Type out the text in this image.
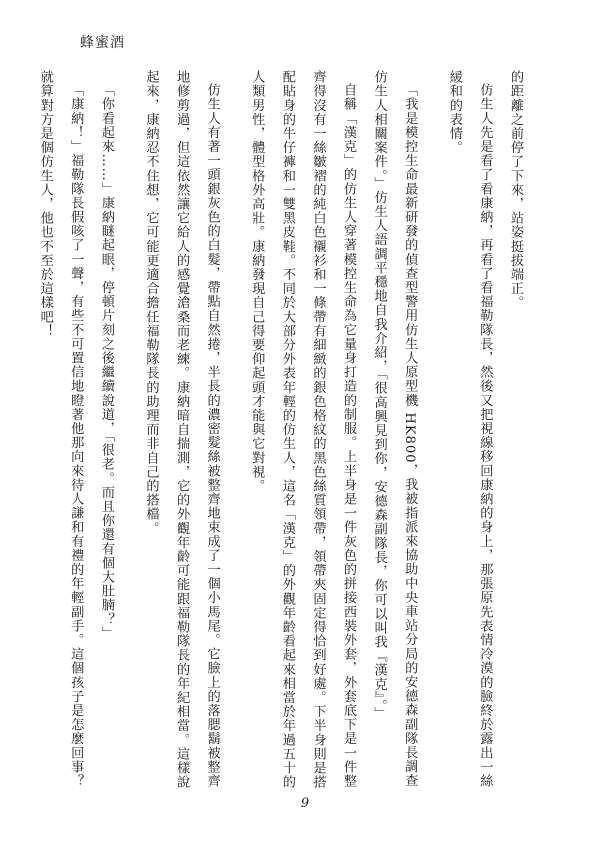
蜂蜜酒

的距離之前停了下來，站姿挺拔端正。

仿生人先是看了看康納，再看了看福勒隊長，然後又把視線移回康納的身上，那張原先表情冷漠的臉終於露出一絲緩和的表情。

「我是模控生命最新研發的偵查型警用仿生人原型機 HK800，我被指派來協助中央車站分局的安德森副隊長調查仿生人相關案件。」仿生人語調平穩地自我介紹，「很高興見到你，安德森副隊長，你可以叫我『漢克』。」

自稱「漢克」的仿生人穿著模控生命為它量身打造的制服。上半身是一件灰色的拼接西裝外套，外套底下是一件整齊得沒有一絲皺褶的純白色襯衫和一條帶有細緻的銀色格紋的黑色絲質領帶，領帶夾固定得恰到好處。下半身則是搭配貼身的牛仔褲和一雙黑皮鞋。不同於大部分外表年輕的仿生人，這名「漢克」的外觀年齡看起來相當於年過五十的人類男性，體型格外高壯。康納發現自己得要仰起頭才能與它對視。

仿生人有著一頭銀灰色的白髮，帶點自然捲，半長的濃密髮絲被整齊地束成了一個小馬尾。它臉上的落腮鬍被整齊地修剪過，但這依然讓它給人的感覺滄桑而老練。康納暗自揣測，它的外觀年齡可能跟福勒隊長的年紀相當。這樣說起來，康納忍不住想，它可能更適合擔任福勒隊長的助理而非自己的搭檔。

「你看起來……」康納瞇起眼，停頓片刻之後繼續說道，「很老。而且你還有個大肚腩？」

「康納！」福勒隊長假咳了一聲，有些不可置信地瞪著他那向來待人謙和有禮的年輕副手。這個孩子是怎麼回事？就算對方是個仿生人，他也不至於這樣吧！

9
